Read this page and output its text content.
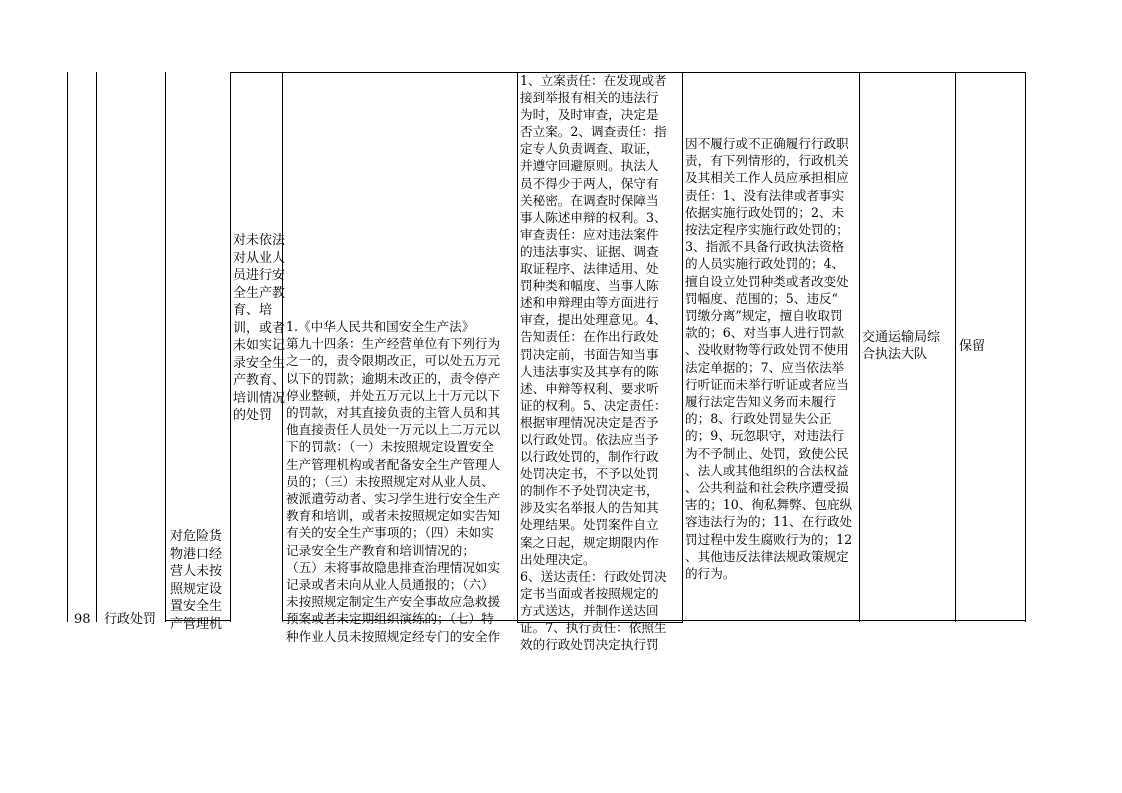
98 行政处罚
对危险货物港口经营人未按照规定设置安全生产管理机
对未依法对从业人员进行安全生产教育、培训，或者未如实记录安全生产教育、培训情况的处罚
1.《中华人民共和国安全生产法》
第九十四条：生产经营单位有下列行为
之一的，责令限期改正，可以处五万元
以下的罚款；逾期未改正的，责令停产
停业整顿，并处五万元以上十万元以下
的罚款，对其直接负责的主管人员和其
他直接责任人员处一万元以上二万元以
下的罚款：（一）未按照规定设置安全
生产管理机构或者配备安全生产管理人
员的；（三）未按照规定对从业人员、
被派遣劳动者、实习学生进行安全生产
教育和培训，或者未按照规定如实告知
有关的安全生产事项的；（四）未如实
记录安全生产教育和培训情况的；
（五）未将事故隐患排查治理情况如实
记录或者未向从业人员通报的；（六）
未按照规定制定生产安全事故应急救援
预案或者未定期组织演练的；（七）特
种作业人员未按照规定经专门的安全作
1、立案责任：在发现或者
接到举报有相关的违法行
为时，及时审查，决定是
否立案。2、调查责任：指
定专人负责调查、取证，
并遵守回避原则。执法人
员不得少于两人，保守有
关秘密。在调查时保障当
事人陈述申辩的权利。3、
审查责任：应对违法案件
的违法事实、证据、调查
取证程序、法律适用、处
罚种类和幅度、当事人陈
述和申辩理由等方面进行
审查，提出处理意见。4、
告知责任：在作出行政处
罚决定前，书面告知当事
人违法事实及其享有的陈
述、申辩等权利、要求听
证的权利。5、决定责任：
根据审理情况决定是否予
以行政处罚。依法应当予
以行政处罚的，制作行政
处罚决定书，不予以处罚
的制作不予处罚决定书，
涉及实名举报人的告知其
处理结果。处罚案件自立
案之日起，规定期限内作
出处理决定。
6、送达责任：行政处罚决
定书当面或者按照规定的
方式送达，并制作送达回
证。7、执行责任：依照生
效的行政处罚决定执行罚
因不履行或不正确履行行政职
责，有下列情形的，行政机关
及其相关工作人员应承担相应
责任：1、没有法律或者事实
依据实施行政处罚的；2、未
按法定程序实施行政处罚的；
3、指派不具备行政执法资格
的人员实施行政处罚的；4、
擅自设立处罚种类或者改变处
罚幅度、范围的；5、违反“
罚缴分离”规定，擅自收取罚
款的；6、对当事人进行罚款
、没收财物等行政处罚不使用
法定单据的；7、应当依法举
行听证而未举行听证或者应当
履行法定告知义务而未履行
的；8、行政处罚显失公正
的；9、玩忽职守，对违法行
为不予制止、处罚，致使公民
、法人或其他组织的合法权益
、公共利益和社会秩序遭受损
害的；10、徇私舞弊、包庇纵
容违法行为的；11、在行政处
罚过程中发生腐败行为的；12
、其他违反法律法规政策规定
的行为。
交通运输局综合执法大队
保留
